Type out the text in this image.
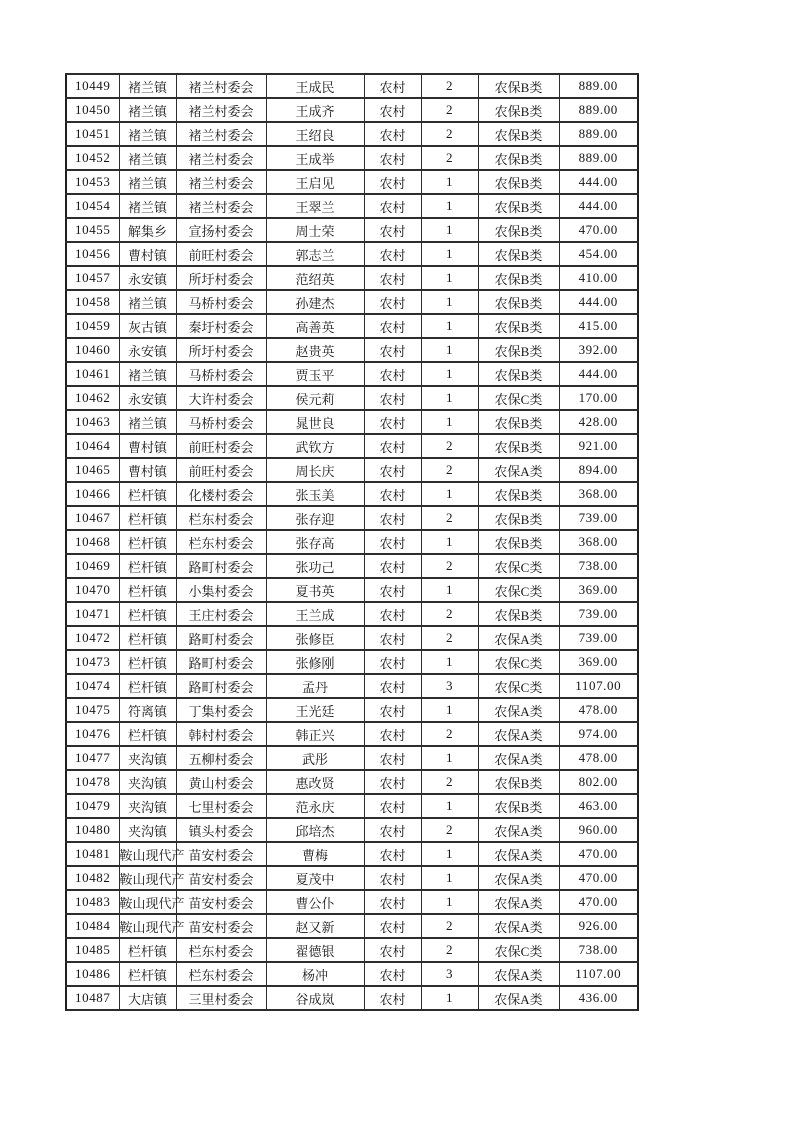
10449	褚兰镇	褚兰村委会	王成民	农村	2	农保B类	889.00
10450	褚兰镇	褚兰村委会	王成齐	农村	2	农保B类	889.00
10451	褚兰镇	褚兰村委会	王绍良	农村	2	农保B类	889.00
10452	褚兰镇	褚兰村委会	王成举	农村	2	农保B类	889.00
10453	褚兰镇	褚兰村委会	王启见	农村	1	农保B类	444.00
10454	褚兰镇	褚兰村委会	王翠兰	农村	1	农保B类	444.00
10455	解集乡	宣扬村委会	周士荣	农村	1	农保B类	470.00
10456	曹村镇	前旺村委会	郭志兰	农村	1	农保B类	454.00
10457	永安镇	所圩村委会	范绍英	农村	1	农保B类	410.00
10458	褚兰镇	马桥村委会	孙建杰	农村	1	农保B类	444.00
10459	灰古镇	秦圩村委会	高善英	农村	1	农保B类	415.00
10460	永安镇	所圩村委会	赵贵英	农村	1	农保B类	392.00
10461	褚兰镇	马桥村委会	贾玉平	农村	1	农保B类	444.00
10462	永安镇	大许村委会	侯元莉	农村	1	农保C类	170.00
10463	褚兰镇	马桥村委会	晁世良	农村	1	农保B类	428.00
10464	曹村镇	前旺村委会	武钦方	农村	2	农保B类	921.00
10465	曹村镇	前旺村委会	周长庆	农村	2	农保A类	894.00
10466	栏杆镇	化楼村委会	张玉美	农村	1	农保B类	368.00
10467	栏杆镇	栏东村委会	张存迎	农村	2	农保B类	739.00
10468	栏杆镇	栏东村委会	张存高	农村	1	农保B类	368.00
10469	栏杆镇	路町村委会	张功己	农村	2	农保C类	738.00
10470	栏杆镇	小集村委会	夏书英	农村	1	农保C类	369.00
10471	栏杆镇	王庄村委会	王兰成	农村	2	农保B类	739.00
10472	栏杆镇	路町村委会	张修臣	农村	2	农保A类	739.00
10473	栏杆镇	路町村委会	张修刚	农村	1	农保C类	369.00
10474	栏杆镇	路町村委会	孟丹	农村	3	农保C类	1107.00
10475	符离镇	丁集村委会	王光廷	农村	1	农保A类	478.00
10476	栏杆镇	韩村村委会	韩正兴	农村	2	农保A类	974.00
10477	夹沟镇	五柳村委会	武彤	农村	1	农保A类	478.00
10478	夹沟镇	黄山村委会	惠改贤	农村	2	农保B类	802.00
10479	夹沟镇	七里村委会	范永庆	农村	1	农保B类	463.00
10480	夹沟镇	镇头村委会	邱培杰	农村	2	农保A类	960.00
10481	鞍山现代产	苗安村委会	曹梅	农村	1	农保A类	470.00
10482	鞍山现代产	苗安村委会	夏茂中	农村	1	农保A类	470.00
10483	鞍山现代产	苗安村委会	曹公仆	农村	1	农保A类	470.00
10484	鞍山现代产	苗安村委会	赵又新	农村	2	农保A类	926.00
10485	栏杆镇	栏东村委会	翟德银	农村	2	农保C类	738.00
10486	栏杆镇	栏东村委会	杨冲	农村	3	农保A类	1107.00
10487	大店镇	三里村委会	谷成岚	农村	1	农保A类	436.00
